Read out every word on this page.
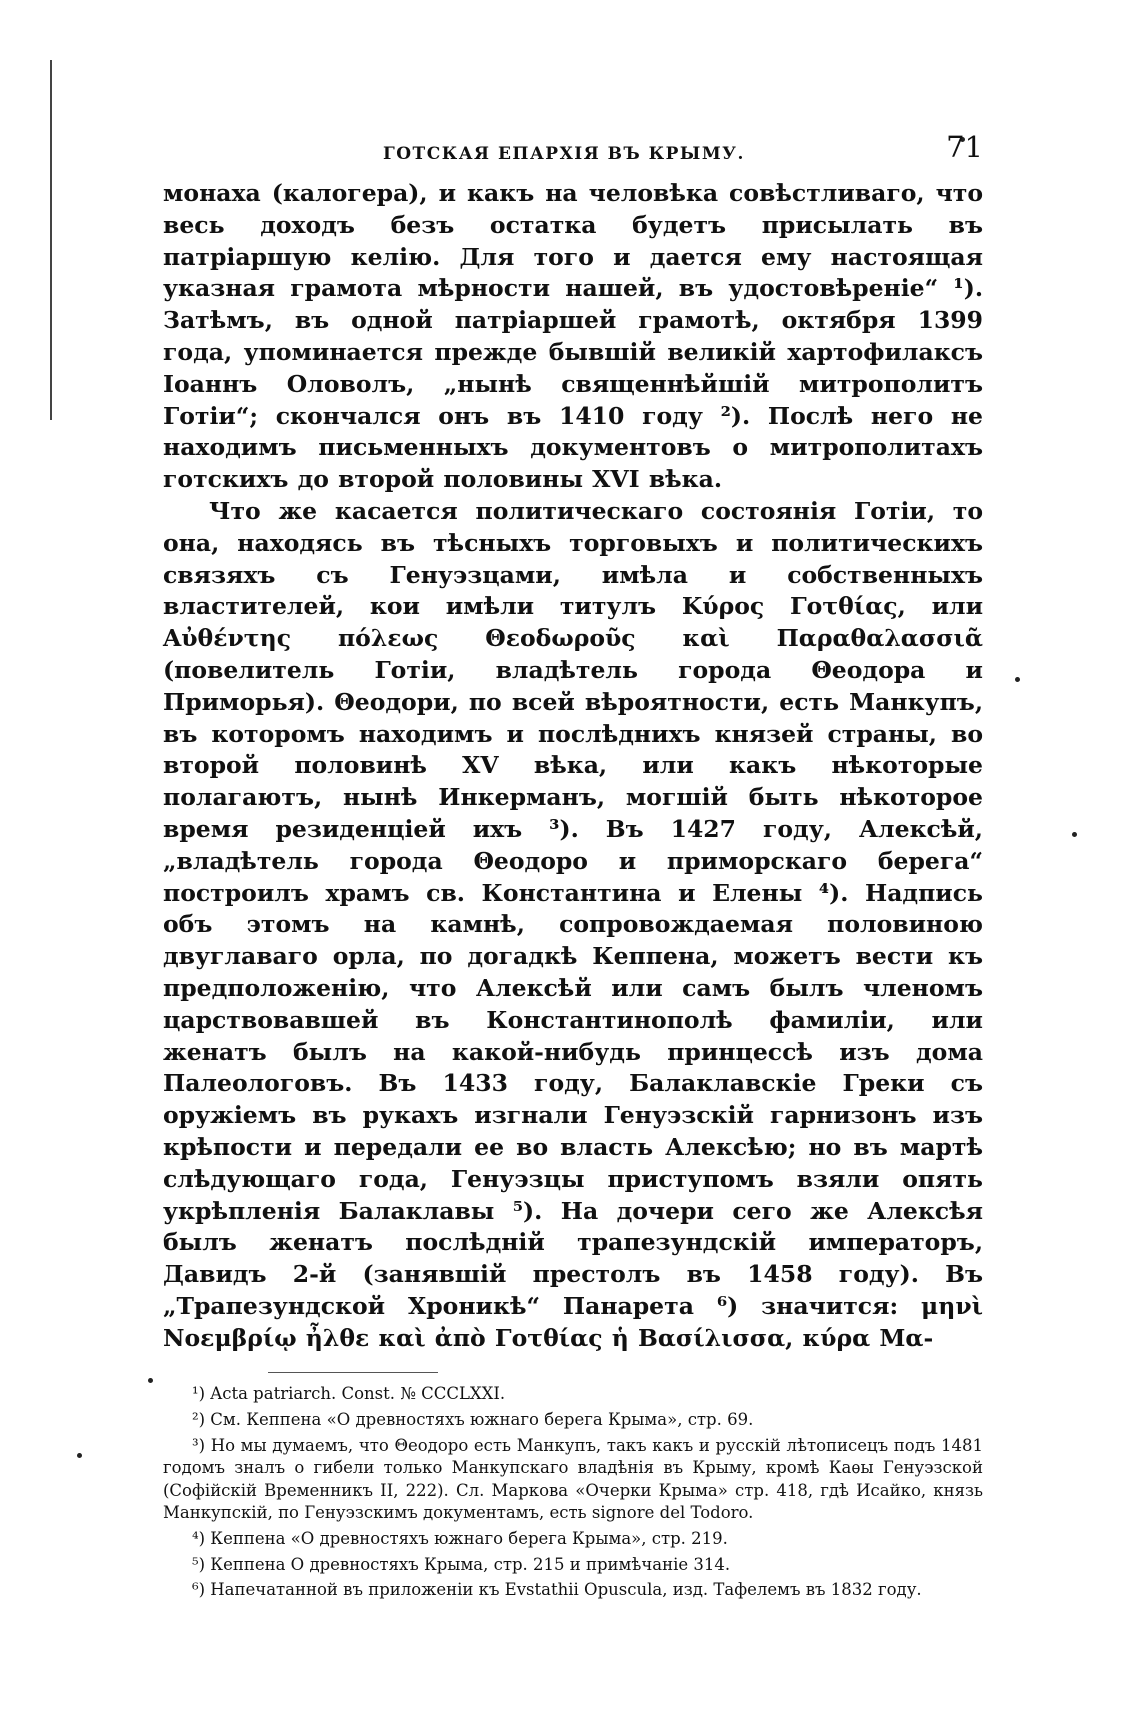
ГОТСКАЯ ЕПАРХІЯ ВЪ КРЫМУ.	71

монаха (калогера), и какъ на человѣка совѣстливаго, что весь доходъ безъ остатка будетъ присылать въ патріаршую келію. Для того и дается ему настоящая указная грамота мѣрности нашей, въ удостовѣреніе“ ¹). Затѣмъ, въ одной патріаршей грамотѣ, октября 1399 года, упоминается прежде бывшій великій хартофилаксъ Іоаннъ Оловолъ, „нынѣ священнѣйшій митрополитъ Готіи“; скончался онъ въ 1410 году ²). Послѣ него не находимъ письменныхъ документовъ о митрополитахъ готскихъ до второй половины XVI вѣка.

Что же касается политическаго состоянія Готіи, то она, находясь въ тѣсныхъ торговыхъ и политическихъ связяхъ съ Генуэзцами, имѣла и собственныхъ властителей, кои имѣли титулъ Κύρος Γοτθίας, или Αὐθέντης πόλεως Θεοδωροῦς καὶ Παραθαλασσιᾶ (повелитель Готіи, владѣтель города Θеодора и Приморья). Θеодори, по всей вѣроятности, есть Манкупъ, въ которомъ находимъ и послѣднихъ князей страны, во второй половинѣ XV вѣка, или какъ нѣкоторые полагаютъ, нынѣ Инкерманъ, могшій быть нѣкоторое время резиденціей ихъ ³). Въ 1427 году, Алексѣй, „владѣтель города Θеодоро и приморскаго берега“ построилъ храмъ св. Константина и Елены ⁴). Надпись объ этомъ на камнѣ, сопровождаемая половиною двуглаваго орла, по догадкѣ Кеппена, можетъ вести къ предположенію, что Алексѣй или самъ былъ членомъ царствовавшей въ Константинополѣ фамиліи, или женатъ былъ на какой-нибудь принцессѣ изъ дома Палеологовъ. Въ 1433 году, Балаклавскіе Греки съ оружіемъ въ рукахъ изгнали Генуэзскій гарнизонъ изъ крѣпости и передали ее во власть Алексѣю; но въ мартѣ слѣдующаго года, Генуэзцы приступомъ взяли опять укрѣпленія Балаклавы ⁵). На дочери сего же Алексѣя былъ женатъ послѣдній трапезундскій императоръ, Давидъ 2-й (занявшій престолъ въ 1458 году). Въ „Трапезундской Хроникѣ“ Панарета ⁶) значится: μηνὶ Νοεμβρίῳ ἦλθε καὶ ἀπὸ Γοτθίας ἡ Βασίλισσα, κύρα Μα-

¹) Acta patriarch. Const. № CCCLXXI.

²) См. Кеппена «О древностяхъ южнаго берега Крыма», стр. 69.

³) Но мы думаемъ, что Θеодоро есть Манкупъ, такъ какъ и русскій лѣтописецъ подъ 1481 годомъ зналъ о гибели только Манкупскаго владѣнія въ Крыму, кромѣ Каѳы Генуэзской (Софійскій Временникъ II, 222). Сл. Маркова «Очерки Крыма» стр. 418, гдѣ Исайко, князь Манкупскій, по Генуэзскимъ документамъ, есть signore del Todoro.

⁴) Кеппена «О древностяхъ южнаго берега Крыма», стр. 219.

⁵) Кеппена О древностяхъ Крыма, стр. 215 и примѣчаніе 314.

⁶) Напечатанной въ приложеніи къ Evstathii Opuscula, изд. Тафелемъ въ 1832 году.
